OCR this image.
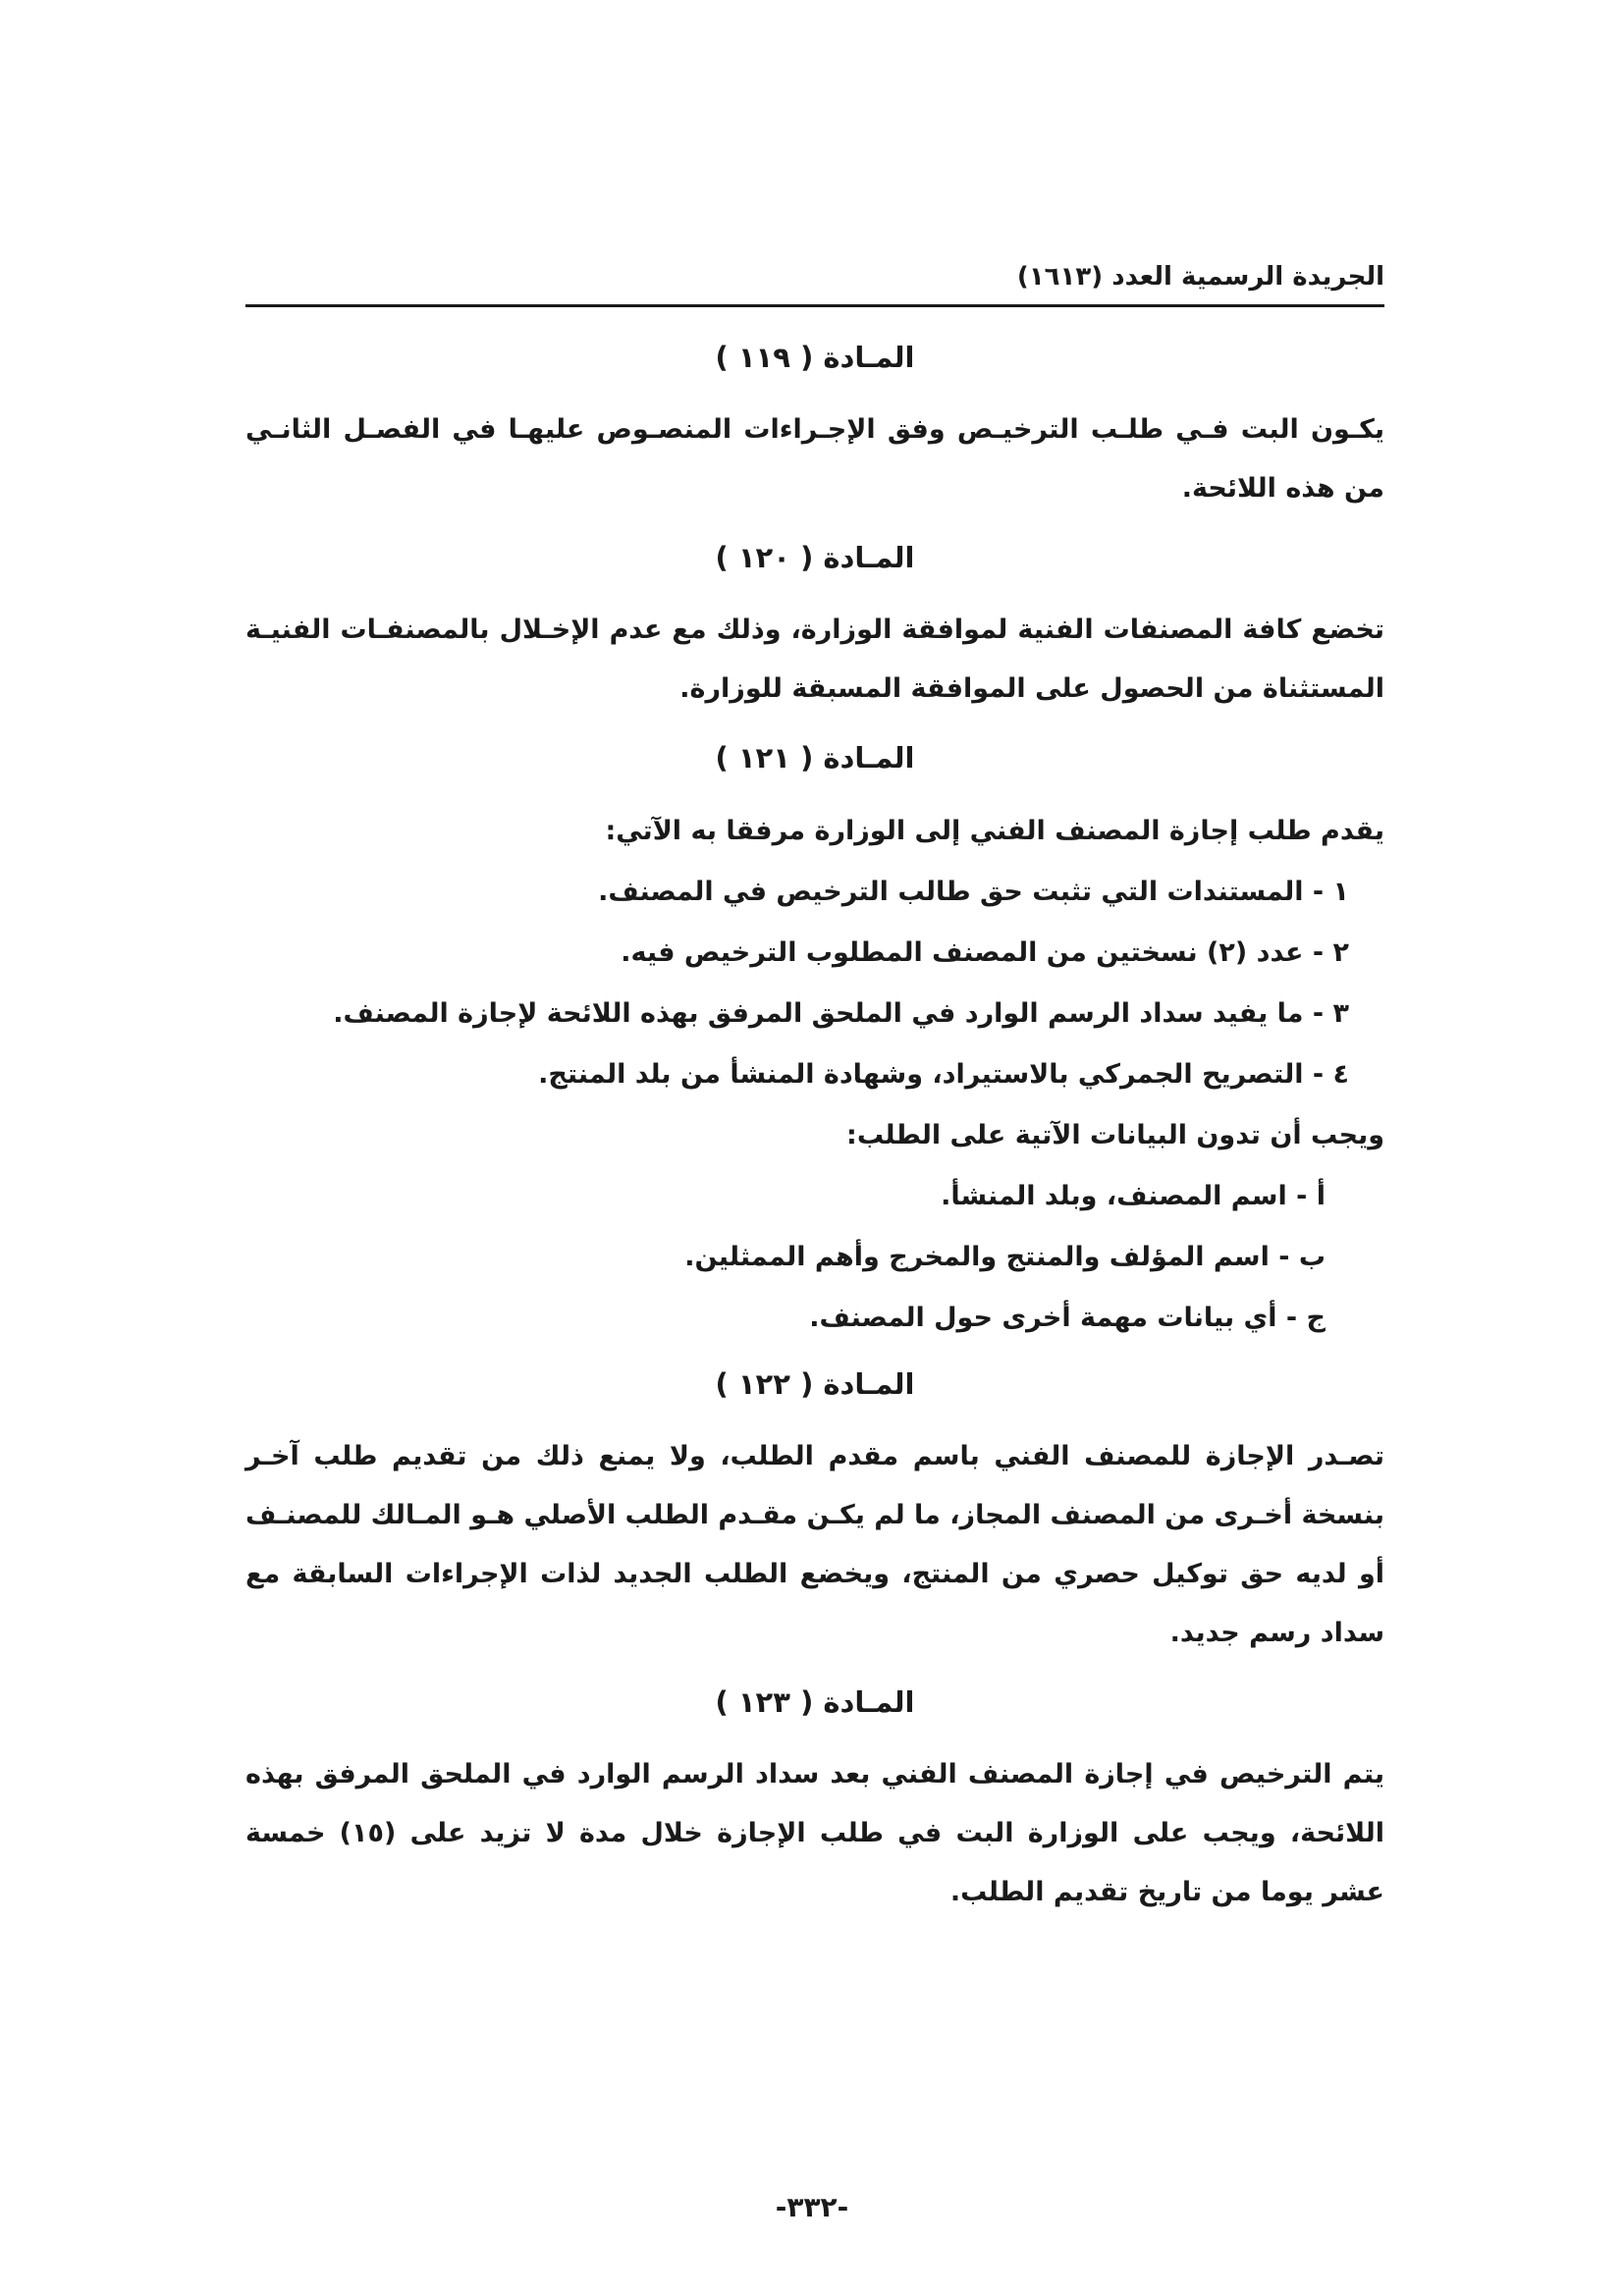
الجريدة الرسمية العدد (١٦١٣)
المـادة ( ١١٩ )

يكـون البت فـي طلـب الترخيـص وفق الإجـراءات المنصـوص عليهـا في الفصـل الثانـي من هذه اللائحة.

المـادة ( ١٢٠ )

تخضع كافة المصنفات الفنية لموافقة الوزارة، وذلك مع عدم الإخـلال بالمصنفـات الفنيـة المستثناة من الحصول على الموافقة المسبقة للوزارة.

المـادة ( ١٢١ )

يقدم طلب إجازة المصنف الفني إلى الوزارة مرفقا به الآتي:

١ - المستندات التي تثبت حق طالب الترخيص في المصنف.

٢ - عدد (٢) نسختين من المصنف المطلوب الترخيص فيه.

٣ - ما يفيد سداد الرسم الوارد في الملحق المرفق بهذه اللائحة لإجازة المصنف.

٤ - التصريح الجمركي بالاستيراد، وشهادة المنشأ من بلد المنتج.

ويجب أن تدون البيانات الآتية على الطلب:

أ - اسم المصنف، وبلد المنشأ.

ب - اسم المؤلف والمنتج والمخرج وأهم الممثلين.

ج - أي بيانات مهمة أخرى حول المصنف.

المـادة ( ١٢٢ )

تصـدر الإجازة للمصنف الفني باسم مقدم الطلب، ولا يمنع ذلك من تقديم طلب آخـر بنسخة أخـرى من المصنف المجاز، ما لم يكـن مقـدم الطلب الأصلي هـو المـالك للمصنـف أو لديه حق توكيل حصري من المنتج، ويخضع الطلب الجديد لذات الإجراءات السابقة مع سداد رسم جديد.

المـادة ( ١٢٣ )

يتم الترخيص في إجازة المصنف الفني بعد سداد الرسم الوارد في الملحق المرفق بهذه اللائحة، ويجب على الوزارة البت في طلب الإجازة خلال مدة لا تزيد على (١٥) خمسة عشر يوما من تاريخ تقديم الطلب.

-٣٣٢-
